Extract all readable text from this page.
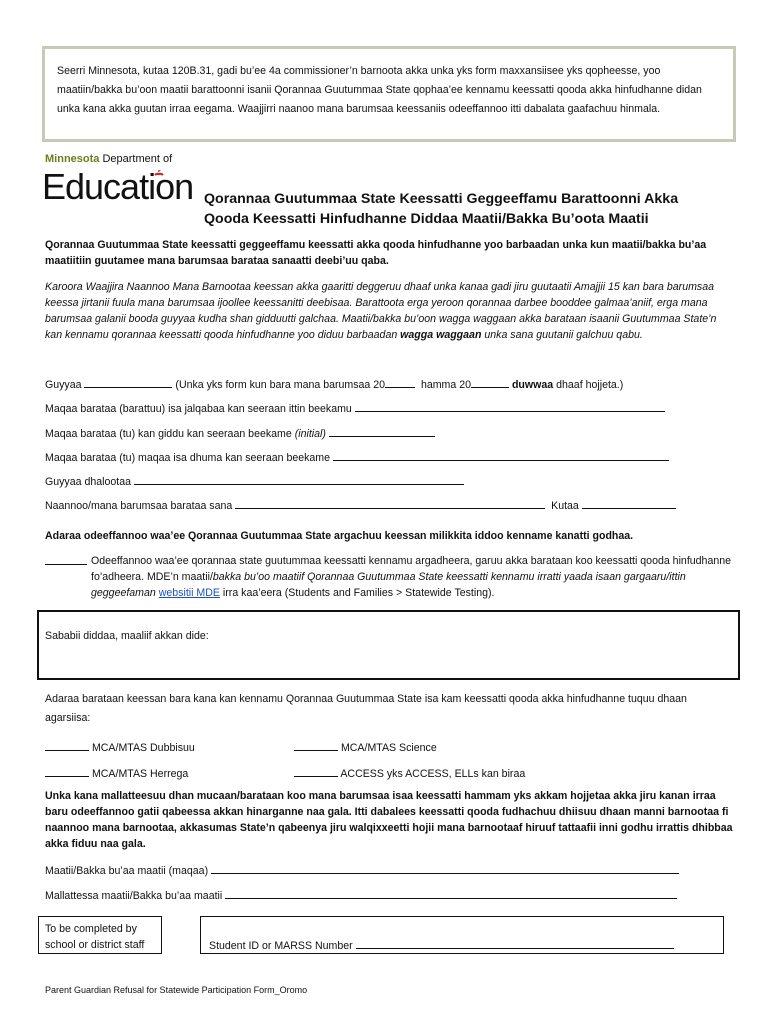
Seerri Minnesota, kutaa 120B.31, gadi bu’ee 4a commissioner’n barnoota akka unka yks form maxxansiisee yks qopheesse, yoo maatiin/bakka bu’oon maatii barattoonni isanii Qorannaa Guutummaa State qophaa’ee kennamu keessatti qooda akka hinfudhanne didan unka kana akka guutan irraa eegama. Waajjirri naanoo mana barumsaa keessaniis odeeffannoo itti dabalata gaafachuu hinmala.
Minnesota Department of
Education Qorannaa Guutummaa State Keessatti Geggeeffamu Barattoonni Akka
Qooda Keessatti Hinfudhanne Diddaa Maatii/Bakka Bu’oota Maatii
Qorannaa Guutummaa State keessatti geggeeffamu keessatti akka qooda hinfudhanne yoo barbaadan unka kun maatii/bakka bu’aa maatiitiin guutamee mana barumsaa barataa sanaatti deebi’uu qaba.
Karoora Waajjira Naannoo Mana Barnootaa keessan akka gaaritti deggeruu dhaaf unka kanaa gadi jiru guutaatii Amajjii 15 kan bara barumsaa keessa jirtanii fuula mana barumsaa ijoollee keessanitti deebisaa. Barattoota erga yeroon qorannaa darbee booddee galmaa’aniif, erga mana barumsaa galanii booda guyyaa kudha shan gidduutti galchaa. Maatii/bakka bu’oon wagga waggaan akka barataan isaanii Guutummaa State’n kan kennamu qorannaa keessatti qooda hinfudhanne yoo diduu barbaadan wagga waggaan unka sana guutanii galchuu qabu.
Guyyaa	(Unka yks form kun bara mana barumsaa 20	hamma 20	duwwaa dhaaf hojjeta.)
Maqaa barataa (barattuu) isa jalqabaa kan seeraan ittin beekamu
Maqaa barataa (tu) kan giddu kan seeraan beekame (initial)
Maqaa barataa (tu) maqaa isa dhuma kan seeraan beekame
Guyyaa dhalootaa
Naannoo/mana barumsaa barataa sana	Kutaa
Adaraa odeeffannoo waa’ee Qorannaa Guutummaa State argachuu keessan milikkita iddoo kenname kanatti godhaa.
Odeeffannoo waa’ee qorannaa state guutummaa keessatti kennamu argadheera, garuu akka barataan koo keessatti qooda hinfudhanne fo’adheera. MDE’n maatii/bakka bu’oo maatiif Qorannaa Guutummaa State keessatti kennamu irratti yaada isaan gargaaru/ittin geggeefaman websitii MDE irra kaa’eera (Students and Families > Statewide Testing).
Sababii diddaa, maaliif akkan dide:
Adaraa barataan keessan bara kana kan kennamu Qorannaa Guutummaa State isa kam keessatti qooda akka hinfudhanne tuquu dhaan agarsiisa:
MCA/MTAS Dubbisuu	MCA/MTAS Science
MCA/MTAS Herrega	ACCESS yks ACCESS, ELLs kan biraa
Unka kana mallatteesuu dhan mucaan/barataan koo mana barumsaa isaa keessatti hammam yks akkam hojjetaa akka jiru kanan irraa baru odeeffannoo gatii qabeessa akkan hinarganne naa gala. Itti dabalees keessatti qooda fudhachuu dhiisuu dhaan manni barnootaa fi naannoo mana barnootaa, akkasumas State’n qabeenya jiru walqixxeetti hojii mana barnootaaf hiruuf tattaafii inni godhu irrattis dhibbaa akka fiduu naa gala.
Maatii/Bakka bu’aa maatii (maqaa)
Mallattessa maatii/Bakka bu’aa maatii
To be completed by school or district staff	Student ID or MARSS Number
Parent Guardian Refusal for Statewide Participation Form_Oromo
